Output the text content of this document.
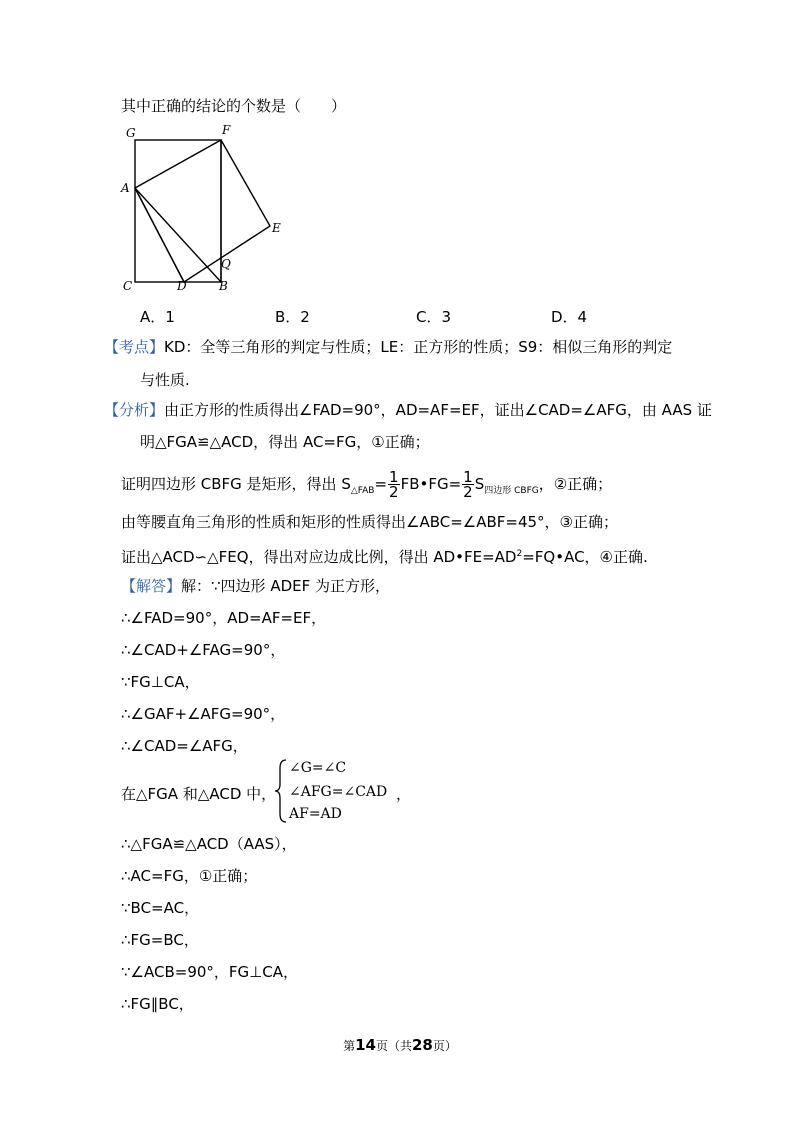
其中正确的结论的个数是（　　）
G	F
A
E
Q
C	D	B
A．1	B．2	C．3	D．4
【考点】KD：全等三角形的判定与性质；LE：正方形的性质；S9：相似三角形的判定
与性质.
【分析】由正方形的性质得出∠FAD=90°，AD=AF=EF，证出∠CAD=∠AFG，由 AAS 证
明△FGA≌△ACD，得出 AC=FG，①正确；
证明四边形 CBFG 是矩形，得出 $S_{\triangle FAB}= \frac{1}{2}$ FB•FG= $\frac{1}{2} S_{四边形 CBFG}$，②正确；
由等腰直角三角形的性质和矩形的性质得出∠ABC=∠ABF=45°，③正确；
证出△ACD∽△FEQ，得出对应边成比例，得出 $AD•FE=AD^2=FQ•AC$，④正确.
【解答】解：∵四边形 ADEF 为正方形，
∴∠FAD=90°，AD=AF=EF，
∴∠CAD+∠FAG=90°，
∵FG⊥CA，
∴∠GAF+∠AFG=90°，
∴∠CAD=∠AFG，
在△FGA 和△ACD 中，
∠G=∠C
∠AFG=∠CAD
AF=AD
，
∴△FGA≌△ACD（AAS），
∴AC=FG，①正确；
∵BC=AC，
∴FG=BC，
∵∠ACB=90°，FG⊥CA，
∴FG∥BC，
第14页（共28页）
